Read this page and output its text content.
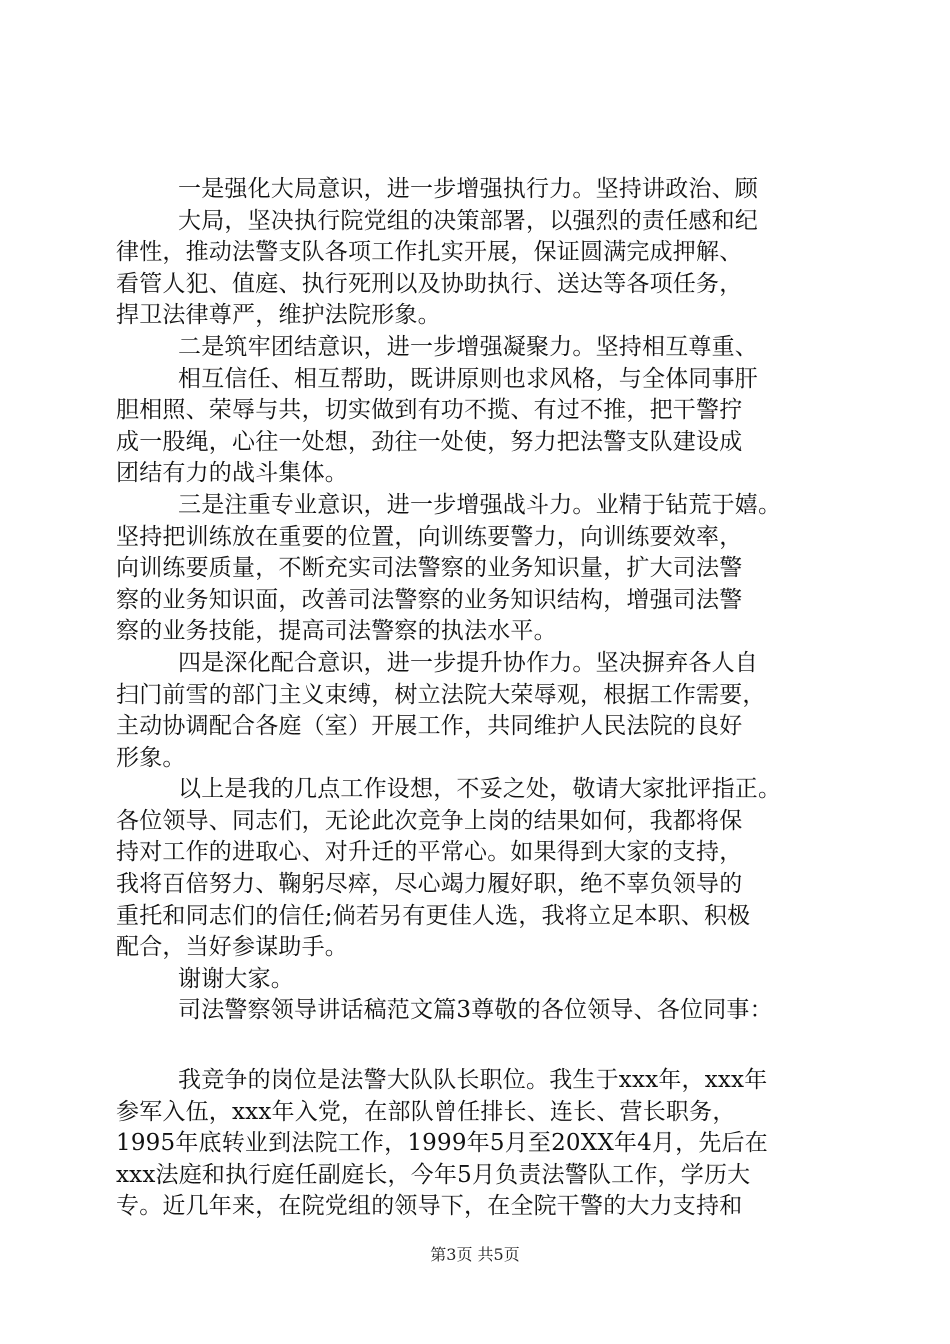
一是强化大局意识，进一步增强执行力。坚持讲政治、顾
大局，坚决执行院党组的决策部署，以强烈的责任感和纪
律性，推动法警支队各项工作扎实开展，保证圆满完成押解、
看管人犯、值庭、执行死刑以及协助执行、送达等各项任务，
捍卫法律尊严，维护法院形象。
二是筑牢团结意识，进一步增强凝聚力。坚持相互尊重、
相互信任、相互帮助，既讲原则也求风格，与全体同事肝
胆相照、荣辱与共，切实做到有功不揽、有过不推，把干警拧
成一股绳，心往一处想，劲往一处使，努力把法警支队建设成
团结有力的战斗集体。
三是注重专业意识，进一步增强战斗力。业精于钻荒于嬉。
坚持把训练放在重要的位置，向训练要警力，向训练要效率，
向训练要质量，不断充实司法警察的业务知识量，扩大司法警
察的业务知识面，改善司法警察的业务知识结构，增强司法警
察的业务技能，提高司法警察的执法水平。
四是深化配合意识，进一步提升协作力。坚决摒弃各人自
扫门前雪的部门主义束缚，树立法院大荣辱观，根据工作需要，
主动协调配合各庭（室）开展工作，共同维护人民法院的良好
形象。
以上是我的几点工作设想，不妥之处，敬请大家批评指正。
各位领导、同志们，无论此次竞争上岗的结果如何，我都将保
持对工作的进取心、对升迁的平常心。如果得到大家的支持，
我将百倍努力、鞠躬尽瘁，尽心竭力履好职，绝不辜负领导的
重托和同志们的信任;倘若另有更佳人选，我将立足本职、积极
配合，当好参谋助手。
谢谢大家。
司法警察领导讲话稿范文篇3尊敬的各位领导、各位同事：
我竞争的岗位是法警大队队长职位。我生于xxx年，xxx年
参军入伍，xxx年入党，在部队曾任排长、连长、营长职务，
1995年底转业到法院工作，1999年5月至20XX年4月，先后在
xxx法庭和执行庭任副庭长，今年5月负责法警队工作，学历大
专。近几年来，在院党组的领导下，在全院干警的大力支持和
第3页 共5页
